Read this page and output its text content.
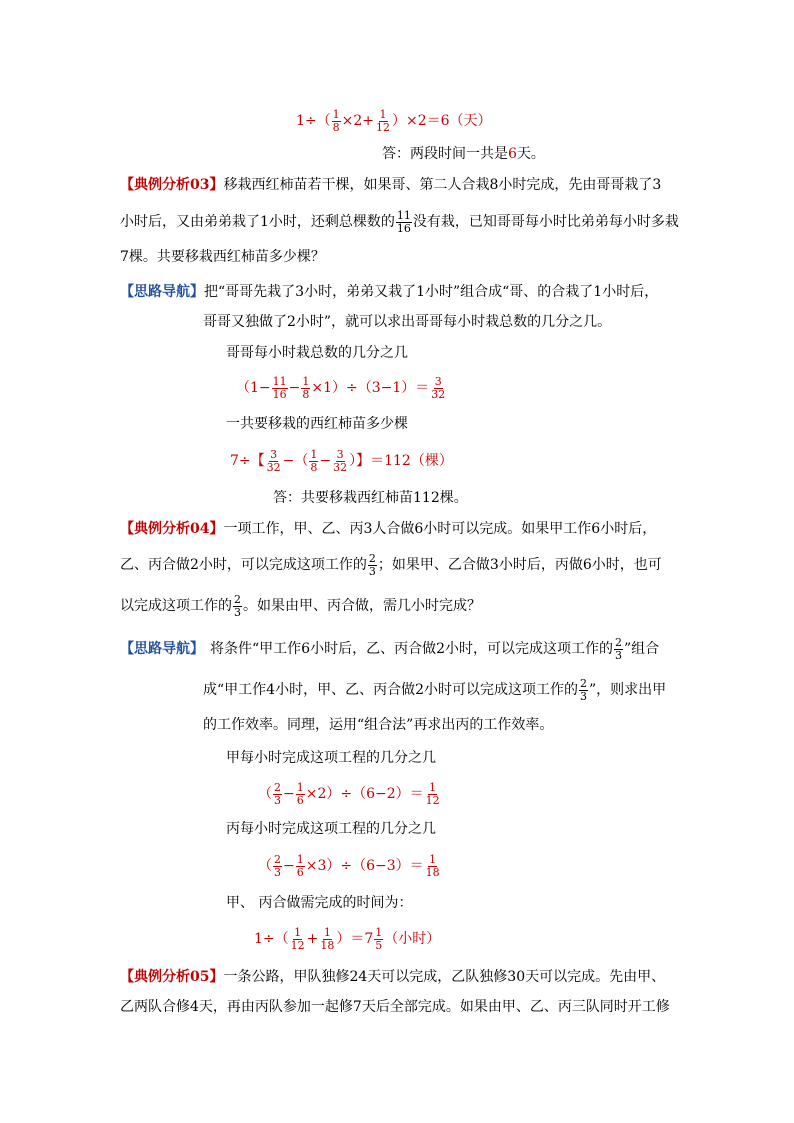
$1\div( \frac{1}{8} \times 2+ \frac{1}{12} )\times 2=6$（天）
答：两段时间一共是 6 天。
【典例分析03】 移栽西红柿苗若干棵，如果哥、第二人合栽8小时完成，先由哥哥栽了3
小时后，又由弟弟栽了1小时，还剩总棵数的 $\frac{11}{16}$ 没有栽，已知哥哥每小时比弟弟每小时多栽
7棵。共要移栽西红柿苗多少棵？
【思路导航】 把“哥哥先栽了3小时，弟弟又栽了1小时”组合成“哥、的合栽了1小时后，
哥哥又独做了2小时”，就可以求出哥哥每小时栽总数的几分之几。
哥哥每小时栽总数的几分之几
$(1- \frac{11}{16} - \frac{1}{8} \times 1)\div(3-1)= \frac{3}{32}$
一共要移栽的西红柿苗多少棵
7÷【 $\frac{3}{32}$ −（ $\frac{1}{8} - \frac{3}{32}$ ）】＝112（棵）
答：共要移栽西红柿苗112棵。
【典例分析04】 一项工作，甲、乙、丙3人合做6小时可以完成。如果甲工作6小时后，
乙、丙合做2小时，可以完成这项工作的 $\frac{2}{3}$ ；如果甲、乙合做3小时后，丙做6小时，也可
以完成这项工作的 $\frac{2}{3}$ 。如果由甲、丙合做，需几小时完成？
【思路导航】 将条件“甲工作6小时后，乙、丙合做2小时，可以完成这项工作的 $\frac{2}{3}$ ”组合
成“甲工作4小时，甲、乙、丙合做2小时可以完成这项工作的 $\frac{2}{3}$ ”，则求出甲
的工作效率。同理，运用“组合法”再求出丙的工作效率。
甲每小时完成这项工程的几分之几
（ $\frac{2}{3} - \frac{1}{6} \times 2)\div(6-2)= \frac{1}{12}$
丙每小时完成这项工程的几分之几
（ $\frac{2}{3} - \frac{1}{6} \times 3)\div(6-3)= \frac{1}{18}$
甲、 丙合做需完成的时间为：
$1\div( \frac{1}{12} + \frac{1}{18}$ ）＝ $7 \frac{1}{5}$ （小时）
【典例分析05】 一条公路，甲队独修24天可以完成，乙队独修30天可以完成。先由甲、
乙两队合修4天，再由丙队参加一起修7天后全部完成。如果由甲、乙、丙三队同时开工修
